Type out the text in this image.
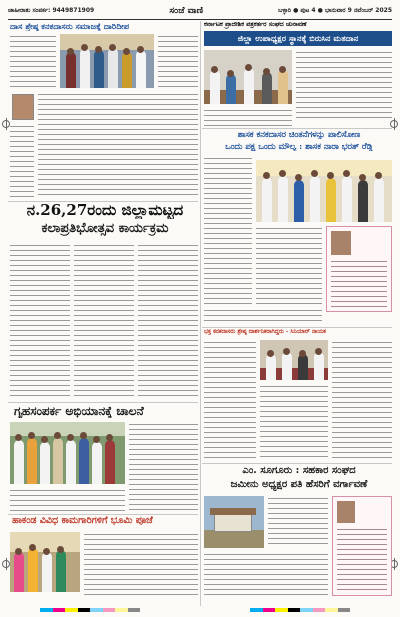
ಜಾಹೀರಾತು ಸಂಪರ್ಕ: 9449871909	ಸಂಜೆ ವಾಣಿ	ಬಳ್ಳಾರಿ ● ಪುಟ 4 ● ಭಾನುವಾರ 9 ನವೆಂಬರ್ 2025
ದಾಸ ಶ್ರೇಷ್ಠ ಕನಕದಾಸರು ಸಮಾಜಕ್ಕೆ ದಾರಿದೀಪ
ನ.26,27ರಂದು ಜಿಲ್ಲಾಮಟ್ಟದ
ಕಲಾಪ್ರತಿಭೋತ್ಸವ ಕಾರ್ಯಕ್ರಮ
ಗೃಹಸಂಪರ್ಕ ಅಭಿಯಾನಕ್ಕೆ ಚಾಲನೆ
ಹಾಕಂಡ ವಿವಿಧ ಕಾಮಗಾರಿಗಳಿಗೆ ಭೂಮಿ ಪೂಜೆ
ಕರ್ನಾಟಕ ಪ್ರಾದೇಶಿಕ ಪತ್ರಕರ್ತರ ಸಂಘದ ಚುನಾವಣೆ
ಜಿಲ್ಲಾ ಉಪಾಧ್ಯಕ್ಷರ ಸ್ಥಾನಕ್ಕೆ ಬಿರುಸಿನ ಮತದಾನ
ಶಾಸಕ ಕನಕದಾಸರ ಚಿಂತನೆಗಳನ್ನು ಪಾಲಿಸೋಣ
ಒಂದು ಪಕ್ಷ ಒಂದು ಮೌಲ್ಯ : ಶಾಸಕ ನಾರಾ ಭರತ್ ರೆಡ್ಡಿ
ಭಕ್ತ ಕನಕದಾಸರು ಶ್ರೇಷ್ಠ ದಾರ್ಶನಿಕರಾಗಿದ್ದರು - ಸಿನಿಯಾರ್ ನಾಯಕ
ಎಂ. ಸೂಗೂರು : ಸಹಕಾರ ಸಂಘದ
ಜಮೀನು ಅಧ್ಯಕ್ಷರ ಪತಿ ಹೆಸರಿಗೆ ವರ್ಗಾವಣೆ
